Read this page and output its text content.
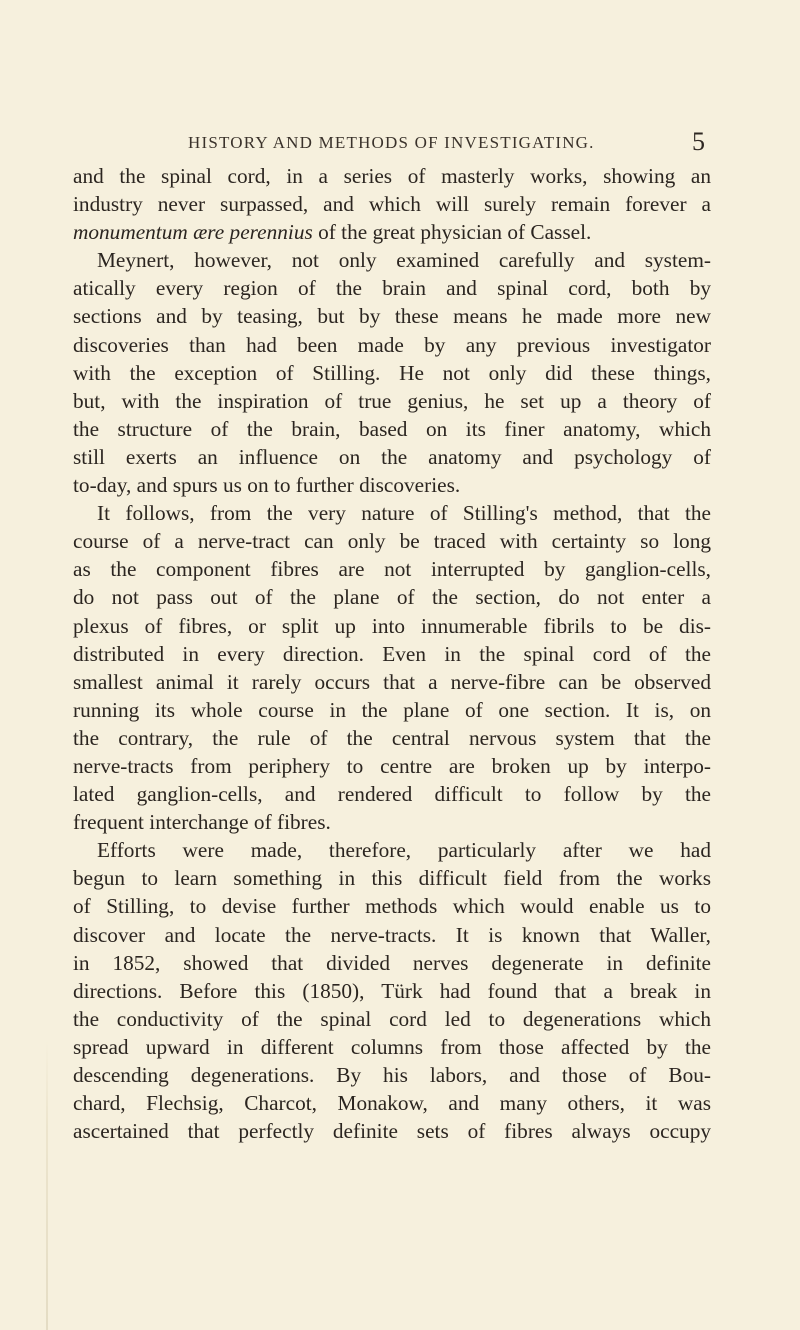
HISTORY AND METHODS OF INVESTIGATING.	5
and the spinal cord, in a series of masterly works, showing an
industry never surpassed, and which will surely remain forever a
monumentum ære perennius of the great physician of Cassel.
Meynert, however, not only examined carefully and system-
atically every region of the brain and spinal cord, both by
sections and by teasing, but by these means he made more new
discoveries than had been made by any previous investigator
with the exception of Stilling. He not only did these things,
but, with the inspiration of true genius, he set up a theory of
the structure of the brain, based on its finer anatomy, which
still exerts an influence on the anatomy and psychology of
to-day, and spurs us on to further discoveries.
It follows, from the very nature of Stilling's method, that the
course of a nerve-tract can only be traced with certainty so long
as the component fibres are not interrupted by ganglion-cells,
do not pass out of the plane of the section, do not enter a
plexus of fibres, or split up into innumerable fibrils to be dis-
distributed in every direction. Even in the spinal cord of the
smallest animal it rarely occurs that a nerve-fibre can be observed
running its whole course in the plane of one section. It is, on
the contrary, the rule of the central nervous system that the
nerve-tracts from periphery to centre are broken up by interpo-
lated ganglion-cells, and rendered difficult to follow by the
frequent interchange of fibres.
Efforts were made, therefore, particularly after we had
begun to learn something in this difficult field from the works
of Stilling, to devise further methods which would enable us to
discover and locate the nerve-tracts. It is known that Waller,
in 1852, showed that divided nerves degenerate in definite
directions. Before this (1850), Türk had found that a break in
the conductivity of the spinal cord led to degenerations which
spread upward in different columns from those affected by the
descending degenerations. By his labors, and those of Bou-
chard, Flechsig, Charcot, Monakow, and many others, it was
ascertained that perfectly definite sets of fibres always occupy
